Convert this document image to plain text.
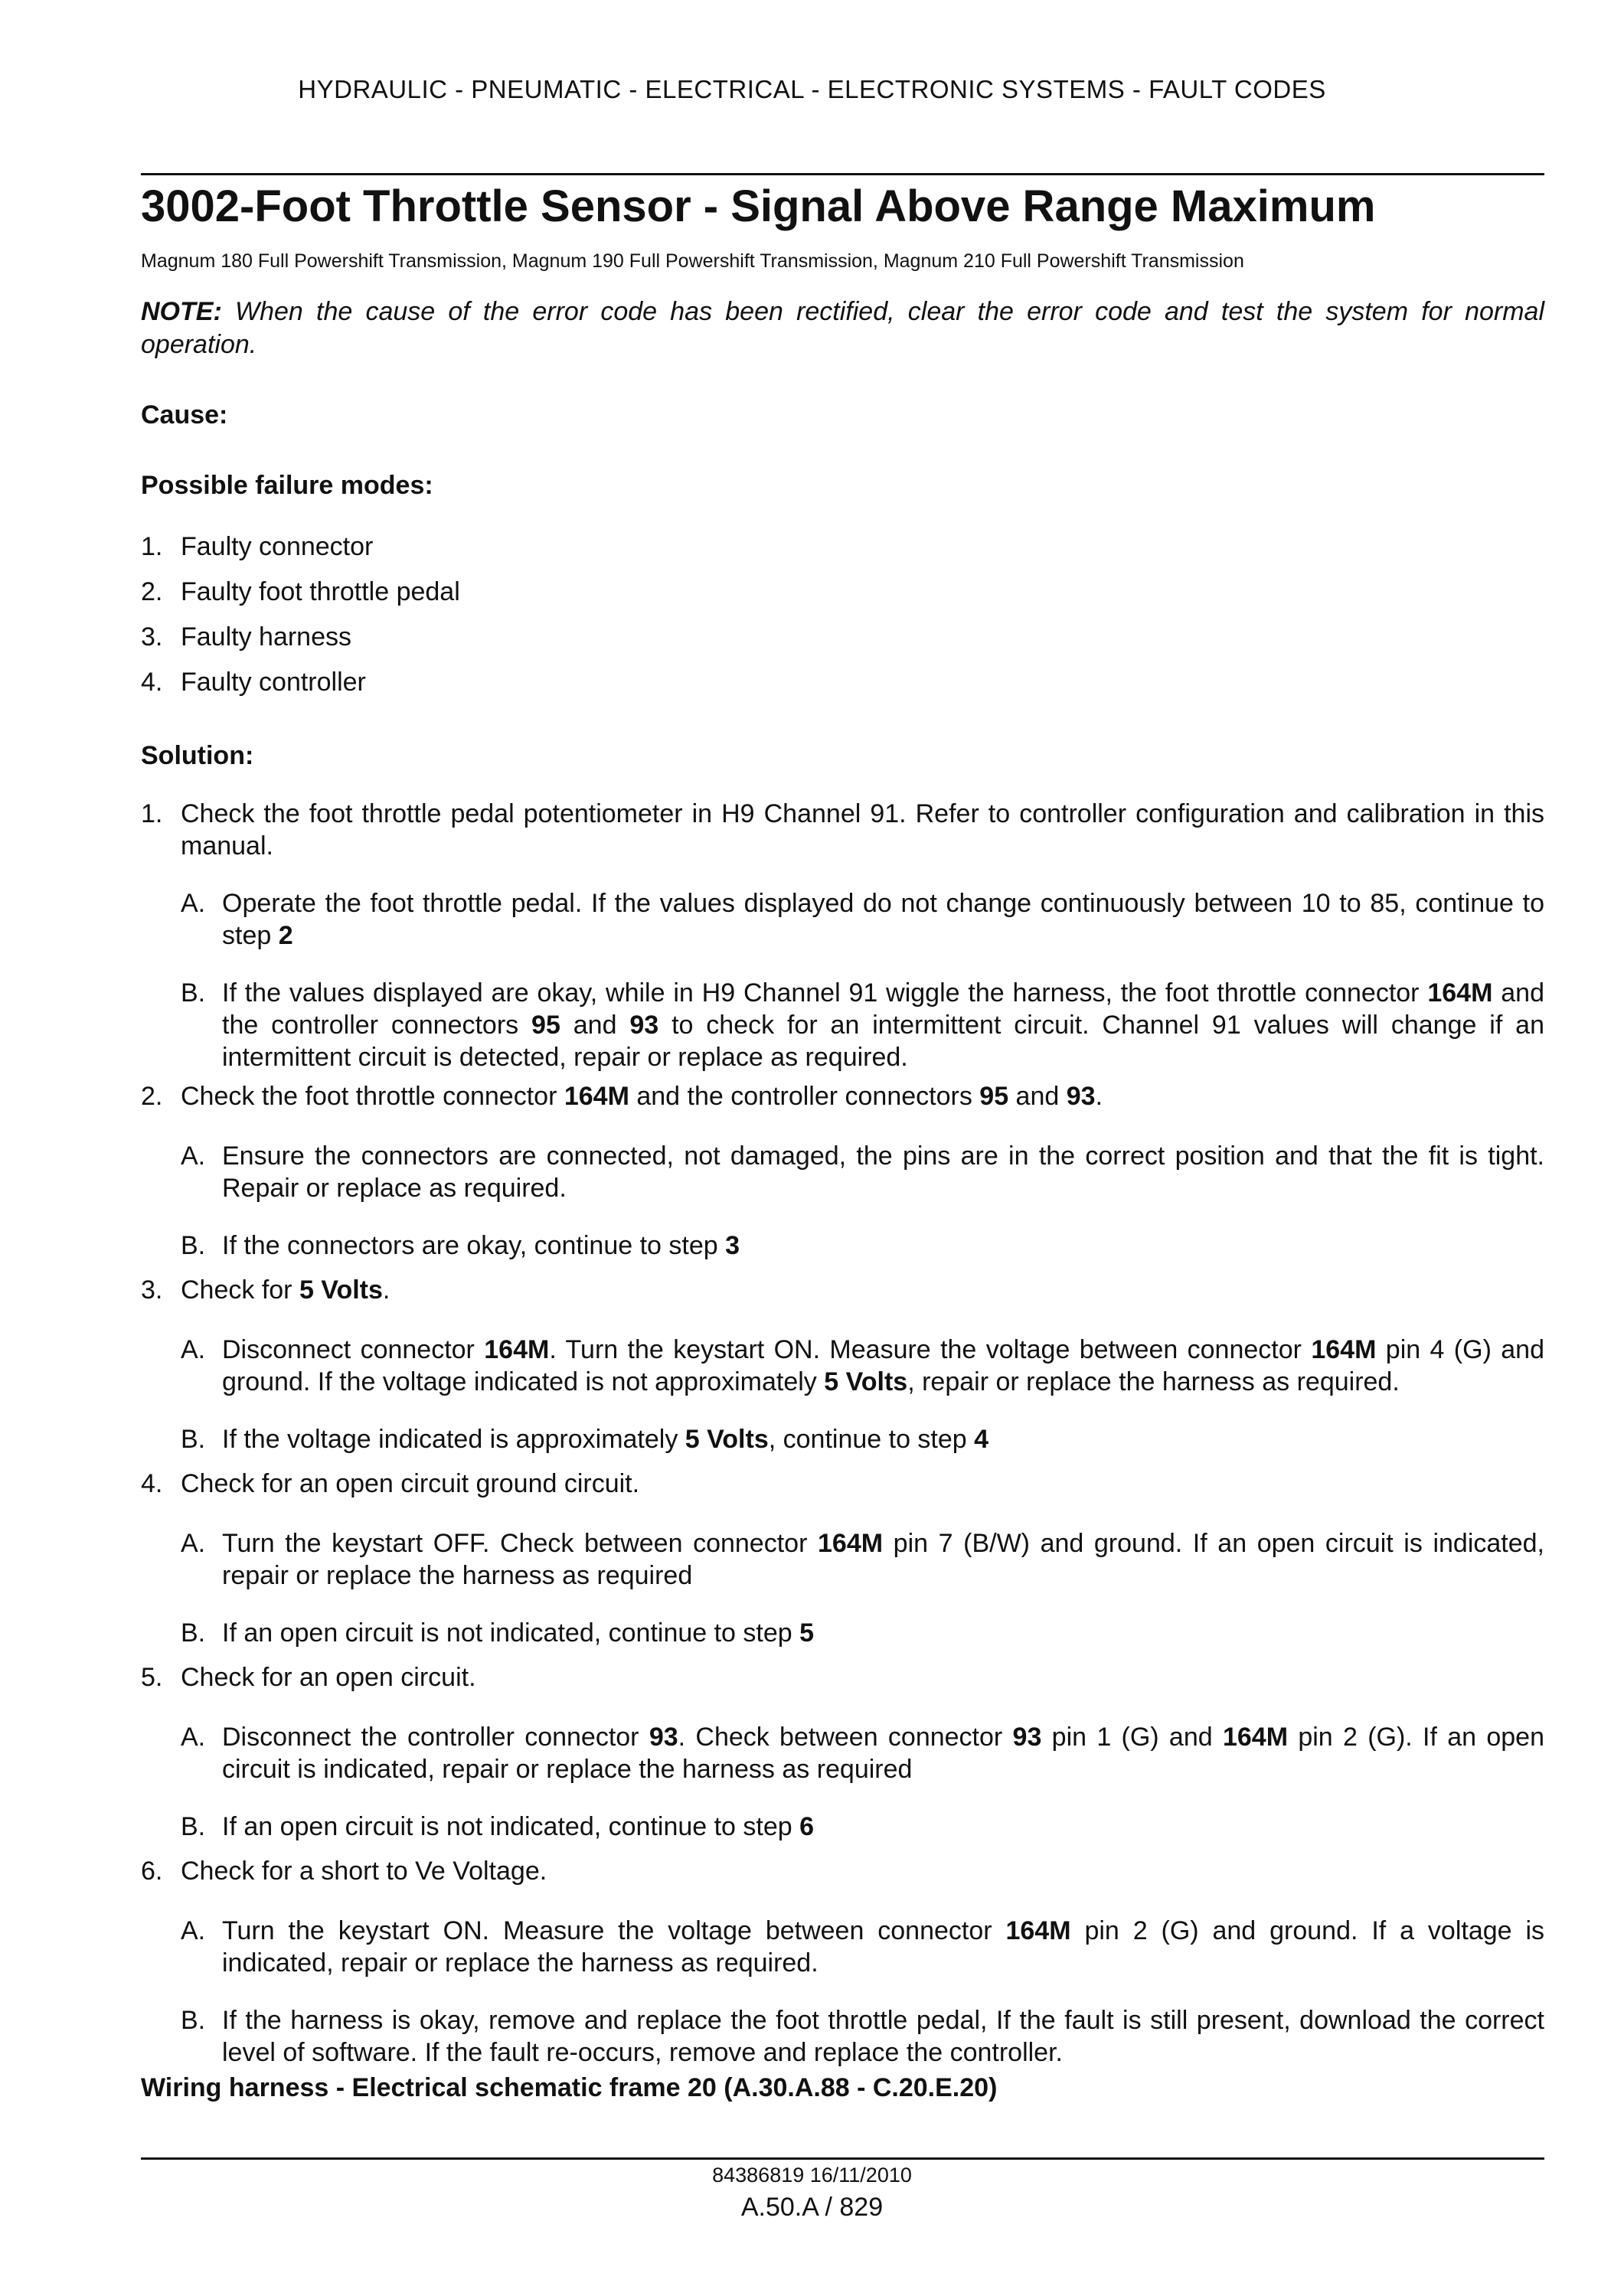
HYDRAULIC - PNEUMATIC - ELECTRICAL - ELECTRONIC SYSTEMS - FAULT CODES
3002-Foot Throttle Sensor - Signal Above Range Maximum
Magnum 180 Full Powershift Transmission, Magnum 190 Full Powershift Transmission, Magnum 210 Full Powershift Transmission
NOTE: When the cause of the error code has been rectified, clear the error code and test the system for normal operation.
Cause:
Possible failure modes:
1. Faulty connector
2. Faulty foot throttle pedal
3. Faulty harness
4. Faulty controller
Solution:
1. Check the foot throttle pedal potentiometer in H9 Channel 91. Refer to controller configuration and calibration in this manual.
A. Operate the foot throttle pedal. If the values displayed do not change continuously between 10 to 85, continue to step 2
B. If the values displayed are okay, while in H9 Channel 91 wiggle the harness, the foot throttle connector 164M and the controller connectors 95 and 93 to check for an intermittent circuit. Channel 91 values will change if an intermittent circuit is detected, repair or replace as required.
2. Check the foot throttle connector 164M and the controller connectors 95 and 93.
A. Ensure the connectors are connected, not damaged, the pins are in the correct position and that the fit is tight. Repair or replace as required.
B. If the connectors are okay, continue to step 3
3. Check for 5 Volts.
A. Disconnect connector 164M. Turn the keystart ON. Measure the voltage between connector 164M pin 4 (G) and ground. If the voltage indicated is not approximately 5 Volts, repair or replace the harness as required.
B. If the voltage indicated is approximately 5 Volts, continue to step 4
4. Check for an open circuit ground circuit.
A. Turn the keystart OFF. Check between connector 164M pin 7 (B/W) and ground. If an open circuit is indicated, repair or replace the harness as required
B. If an open circuit is not indicated, continue to step 5
5. Check for an open circuit.
A. Disconnect the controller connector 93. Check between connector 93 pin 1 (G) and 164M pin 2 (G). If an open circuit is indicated, repair or replace the harness as required
B. If an open circuit is not indicated, continue to step 6
6. Check for a short to Ve Voltage.
A. Turn the keystart ON. Measure the voltage between connector 164M pin 2 (G) and ground. If a voltage is indicated, repair or replace the harness as required.
B. If the harness is okay, remove and replace the foot throttle pedal, If the fault is still present, download the correct level of software. If the fault re-occurs, remove and replace the controller.
Wiring harness - Electrical schematic frame 20 (A.30.A.88 - C.20.E.20)
84386819 16/11/2010
A.50.A / 829
